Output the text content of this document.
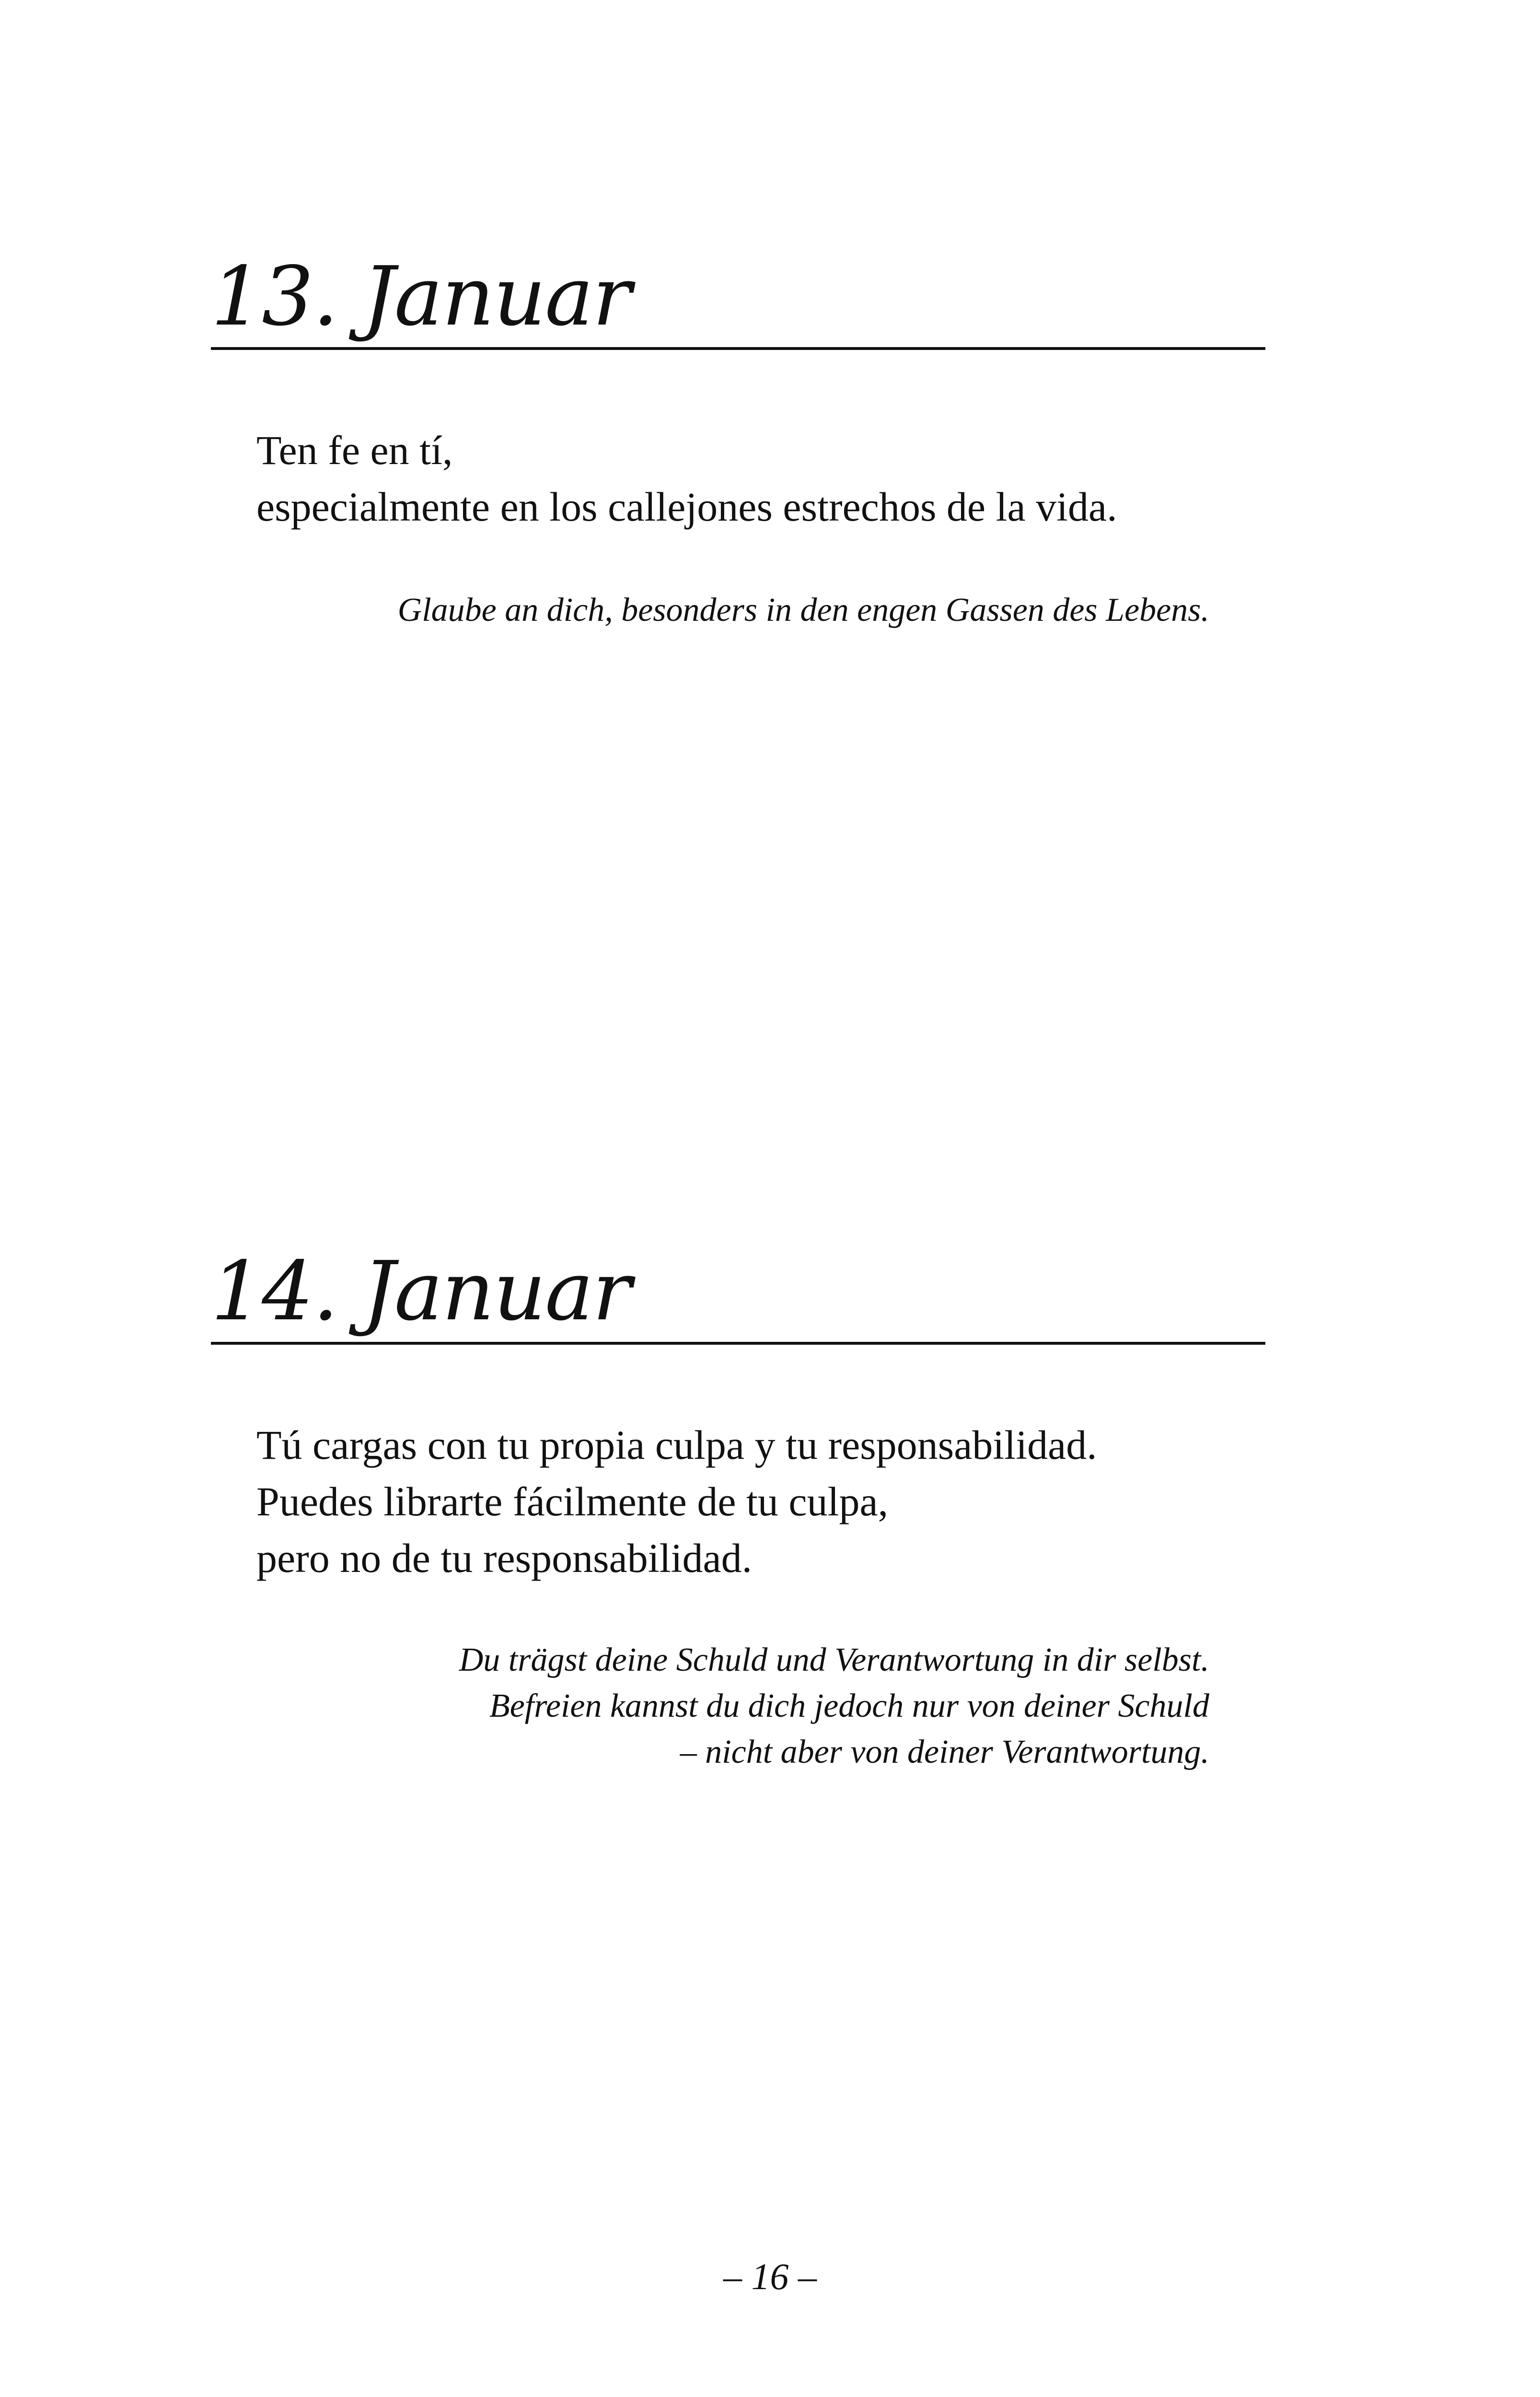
13. Januar
Ten fe en tí,
especialmente en los callejones estrechos de la vida.
Glaube an dich, besonders in den engen Gassen des Lebens.
14. Januar
Tú cargas con tu propia culpa y tu responsabilidad.
Puedes librarte fácilmente de tu culpa,
pero no de tu responsabilidad.
Du trägst deine Schuld und Verantwortung in dir selbst.
Befreien kannst du dich jedoch nur von deiner Schuld
– nicht aber von deiner Verantwortung.
– 16 –
